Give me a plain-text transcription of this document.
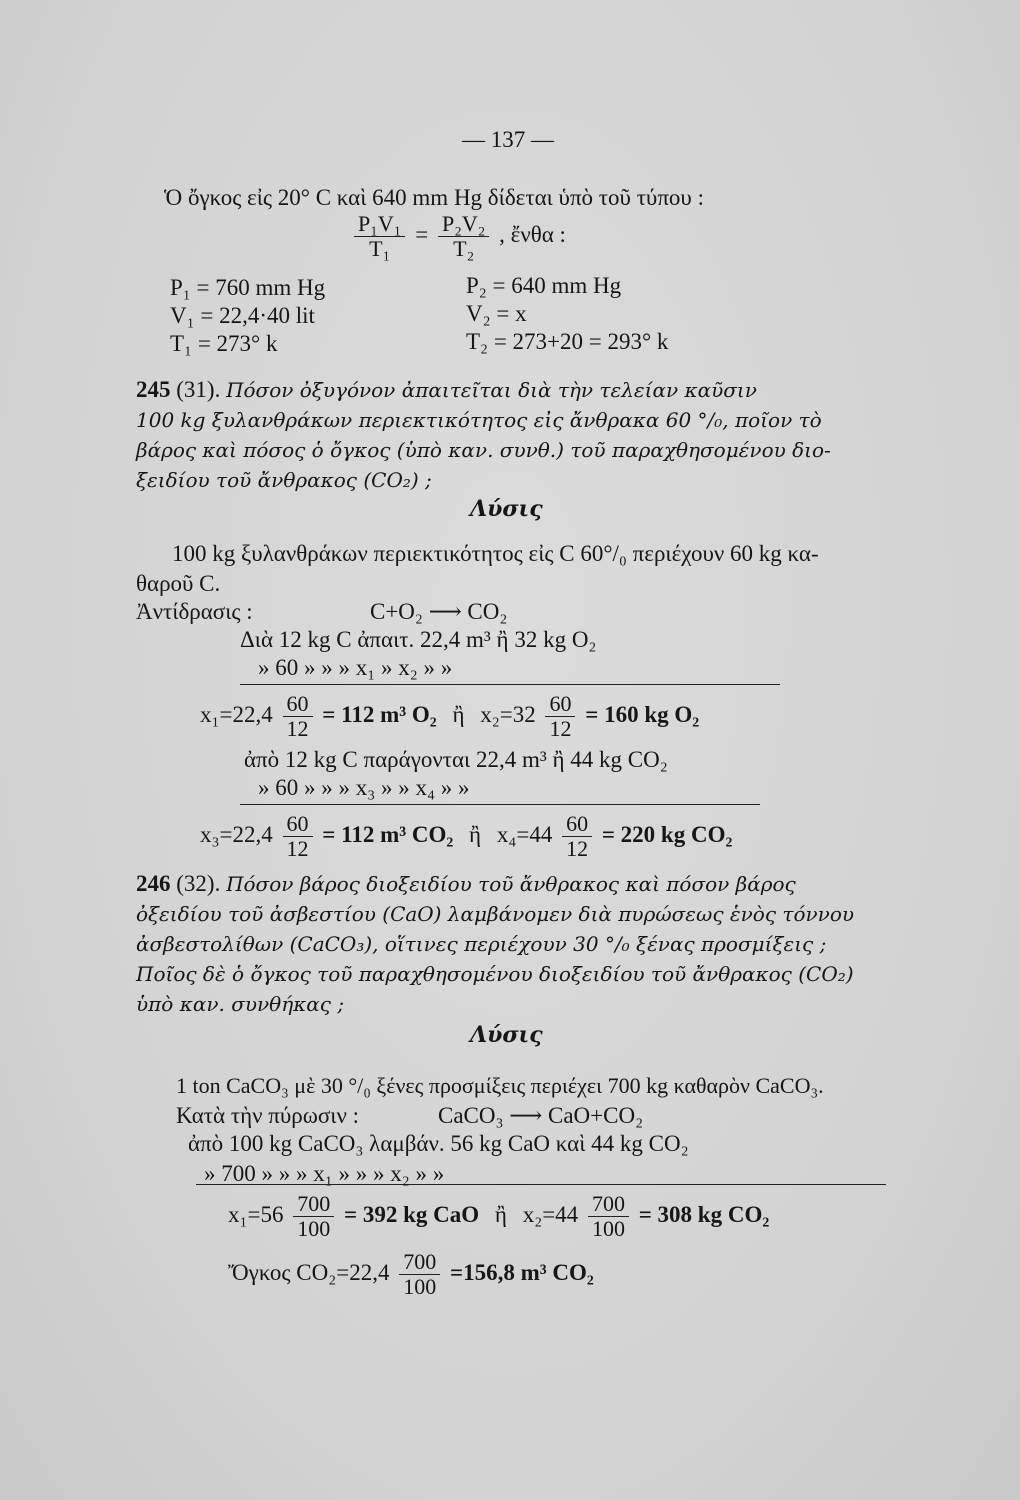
— 137 —
Ὁ ὄγκος εἰς 20° C καὶ 640 mm Hg δίδεται ὑπὸ τοῦ τύπου :
$\frac{\text{P₁V₁}}{\text{T₁}} = \frac{\text{P₂V₂}}{\text{T₂}}$ , ἔνθα :
P₁ = 760 mm Hg
V₁ = 22,4·40 lit
T₁ = 273° k
P₂ = 640 mm Hg
V₂ = x
T₂ = 273+20 = 293° k
245 (31). Πόσον ὀξυγόνον ἀπαιτεῖται διὰ τὴν τελείαν καῦσιν
100 kg ξυλανθράκων περιεκτικότητος εἰς ἄνθρακα 60 °/₀, ποῖον τὸ
βάρος καὶ πόσος ὁ ὄγκος (ὑπὸ καν. συνθ.) τοῦ παραχθησομένου διο-
ξειδίου τοῦ ἄνθρακος (CO₂) ;
Λύσις
100 kg ξυλανθράκων περιεκτικότητος εἰς C 60°/₀ περιέχουν 60 kg κα-
θαροῦ C.
Ἀντίδρασις :	C+O₂ ⟶ CO₂
Διὰ 12 kg C ἀπαιτ. 22,4 m³ ἢ 32 kg O₂
» 60 » » » x₁ » x₂ » »
$x_1=22,4 \frac{60}{12} = 112$ m³ O₂ ἢ $x_2=32 \frac{60}{12} = 160$ kg O₂
ἀπὸ 12 kg C παράγονται 22,4 m³ ἢ 44 kg CO₂
» 60 » » » x₃ » » x₄ » »
$x_3=22,4 \frac{60}{12} = 112$ m³ CO₂ ἢ $x_4=44 \frac{60}{12} = 220$ kg CO₂
246 (32). Πόσον βάρος διοξειδίου τοῦ ἄνθρακος καὶ πόσον βάρος
ὀξειδίου τοῦ ἀσβεστίου (CaO) λαμβάνομεν διὰ πυρώσεως ἑνὸς τόννου
ἀσβεστολίθων (CaCO₃), οἵτινες περιέχουν 30 °/₀ ξένας προσμίξεις ;
Ποῖος δὲ ὁ ὄγκος τοῦ παραχθησομένου διοξειδίου τοῦ ἄνθρακος (CO₂)
ὑπὸ καν. συνθήκας ;
Λύσις
1 ton CaCO₃ μὲ 30 °/₀ ξένες προσμίξεις περιέχει 700 kg καθαρὸν CaCO₃.
Κατὰ τὴν πύρωσιν :	CaCO₃ ⟶ CaO+CO₂
ἀπὸ 100 kg CaCO₃ λαμβάν. 56 kg CaO καὶ 44 kg CO₂
» 700 » » » x₁ » » » x₂ » »
$x_1=56 \frac{700}{100} = 392$ kg CaO ἢ $x_2=44 \frac{700}{100} = 308$ kg CO₂
Ὄγκος $CO_2=22,4 \frac{700}{100} =156,8$ m³ CO₂
